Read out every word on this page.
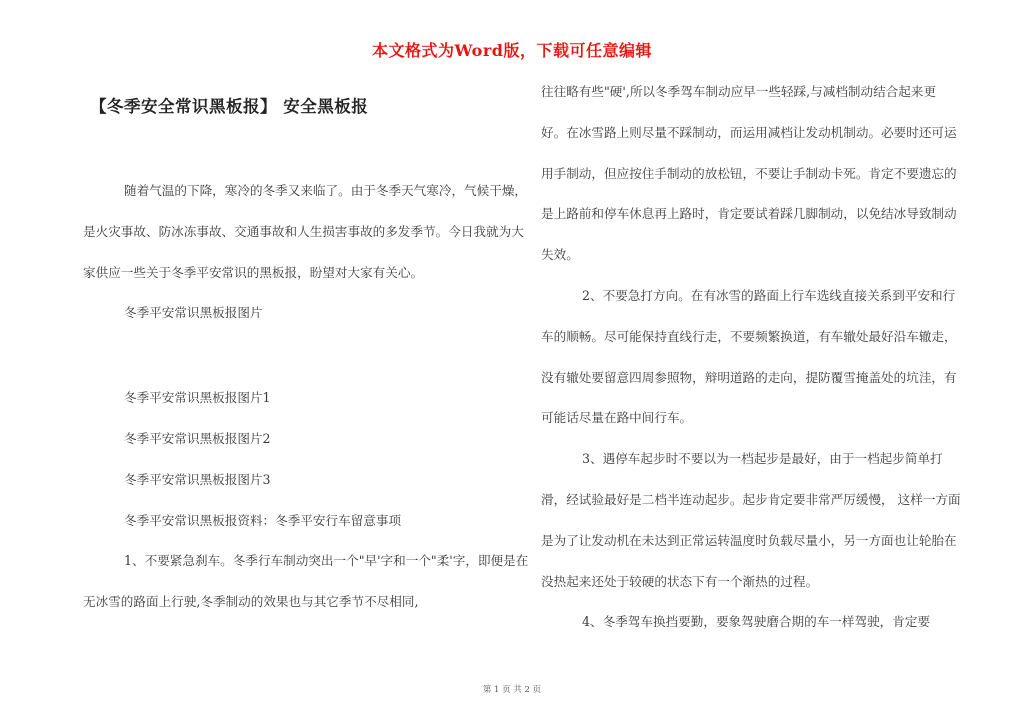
本文格式为Word版，下载可任意编辑
【冬季安全常识黑板报】 安全黑板报

随着气温的下降，寒冷的冬季又来临了。由于冬季天气寒冷，气候干燥，是火灾事故、防冰冻事故、交通事故和人生损害事故的多发季节。今日我就为大家供应一些关于冬季平安常识的黑板报，盼望对大家有关心。

冬季平安常识黑板报图片

冬季平安常识黑板报图片1

冬季平安常识黑板报图片2

冬季平安常识黑板报图片3

冬季平安常识黑板报资料：冬季平安行车留意事项

1、不要紧急刹车。冬季行车制动突出一个"早'字和一个"柔'字，即便是在无冰雪的路面上行驶,冬季制动的效果也与其它季节不尽相同,

往往略有些"硬',所以冬季驾车制动应早一些轻踩,与减档制动结合起来更好。在冰雪路上则尽量不踩制动，而运用减档让发动机制动。必要时还可运用手制动，但应按住手制动的放松钮，不要让手制动卡死。肯定不要遗忘的是上路前和停车休息再上路时，肯定要试着踩几脚制动，以免结冰导致制动失效。

2、不要急打方向。在有冰雪的路面上行车选线直接关系到平安和行车的顺畅。尽可能保持直线行走，不要频繁换道，有车辙处最好沿车辙走，没有辙处要留意四周参照物，辩明道路的走向，提防覆雪掩盖处的坑洼，有可能话尽量在路中间行车。

3、遇停车起步时不要以为一档起步是最好，由于一档起步简单打滑，经试验最好是二档半连动起步。起步肯定要非常严厉缓慢， 这样一方面是为了让发动机在未达到正常运转温度时负载尽量小，另一方面也让轮胎在没热起来还处于较硬的状态下有一个渐热的过程。

4、冬季驾车换挡要勤，要象驾驶磨合期的车一样驾驶，肯定要

第 1 页 共 2 页
